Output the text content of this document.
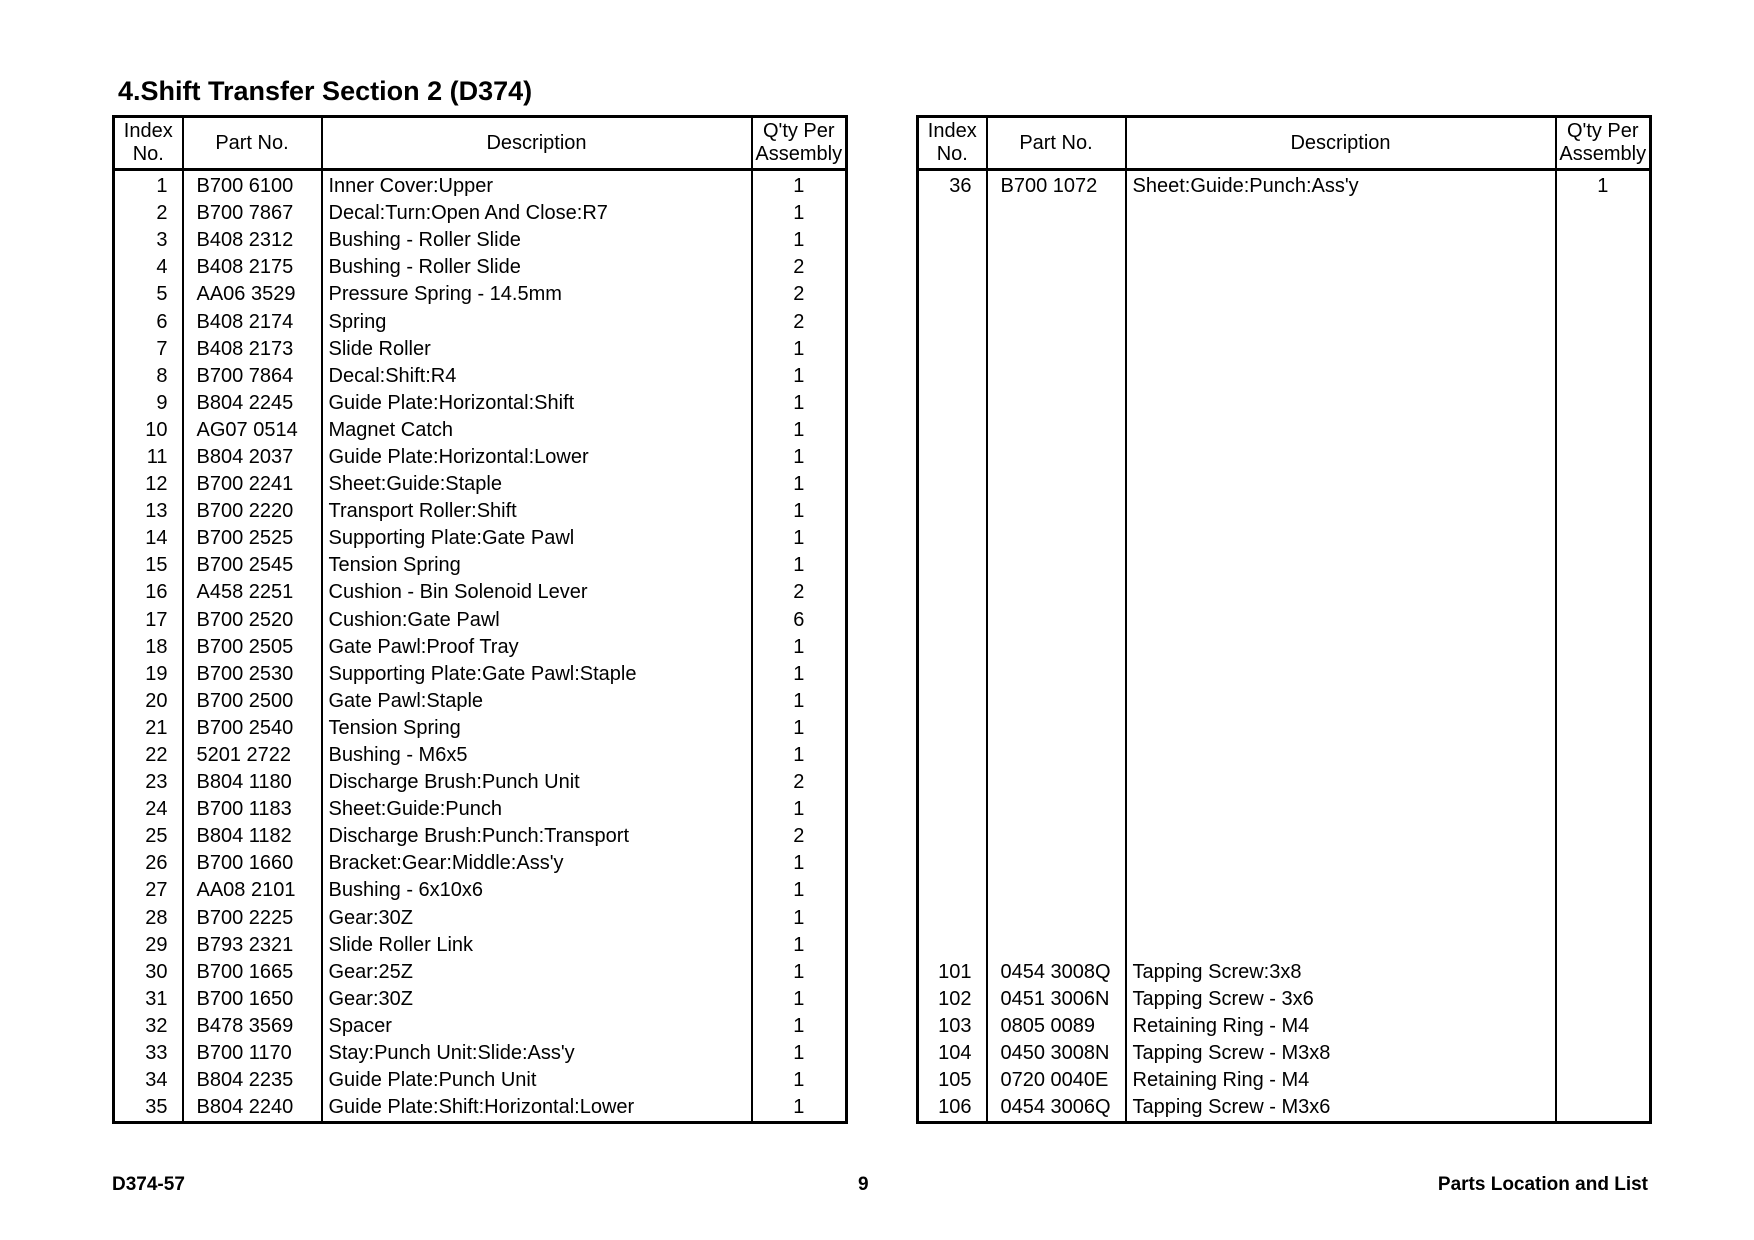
4.Shift Transfer Section 2 (D374)
Index
No.	Part No.	Description	Q'ty Per
Assembly
1	B700 6100	Inner Cover:Upper	1
2	B700 7867	Decal:Turn:Open And Close:R7	1
3	B408 2312	Bushing - Roller Slide	1
4	B408 2175	Bushing - Roller Slide	2
5	AA06 3529	Pressure Spring - 14.5mm	2
6	B408 2174	Spring	2
7	B408 2173	Slide Roller	1
8	B700 7864	Decal:Shift:R4	1
9	B804 2245	Guide Plate:Horizontal:Shift	1
10	AG07 0514	Magnet Catch	1
11	B804 2037	Guide Plate:Horizontal:Lower	1
12	B700 2241	Sheet:Guide:Staple	1
13	B700 2220	Transport Roller:Shift	1
14	B700 2525	Supporting Plate:Gate Pawl	1
15	B700 2545	Tension Spring	1
16	A458 2251	Cushion - Bin Solenoid Lever	2
17	B700 2520	Cushion:Gate Pawl	6
18	B700 2505	Gate Pawl:Proof Tray	1
19	B700 2530	Supporting Plate:Gate Pawl:Staple	1
20	B700 2500	Gate Pawl:Staple	1
21	B700 2540	Tension Spring	1
22	5201 2722	Bushing - M6x5	1
23	B804 1180	Discharge Brush:Punch Unit	2
24	B700 1183	Sheet:Guide:Punch	1
25	B804 1182	Discharge Brush:Punch:Transport	2
26	B700 1660	Bracket:Gear:Middle:Ass'y	1
27	AA08 2101	Bushing - 6x10x6	1
28	B700 2225	Gear:30Z	1
29	B793 2321	Slide Roller Link	1
30	B700 1665	Gear:25Z	1
31	B700 1650	Gear:30Z	1
32	B478 3569	Spacer	1
33	B700 1170	Stay:Punch Unit:Slide:Ass'y	1
34	B804 2235	Guide Plate:Punch Unit	1
35	B804 2240	Guide Plate:Shift:Horizontal:Lower	1
Index
No.	Part No.	Description	Q'ty Per
Assembly
36	B700 1072	Sheet:Guide:Punch:Ass'y	1

101	0454 3008Q	Tapping Screw:3x8	
102	0451 3006N	Tapping Screw - 3x6	
103	0805 0089	Retaining Ring - M4	
104	0450 3008N	Tapping Screw - M3x8	
105	0720 0040E	Retaining Ring - M4	
106	0454 3006Q	Tapping Screw - M3x6	
D374-57	9	Parts Location and List
